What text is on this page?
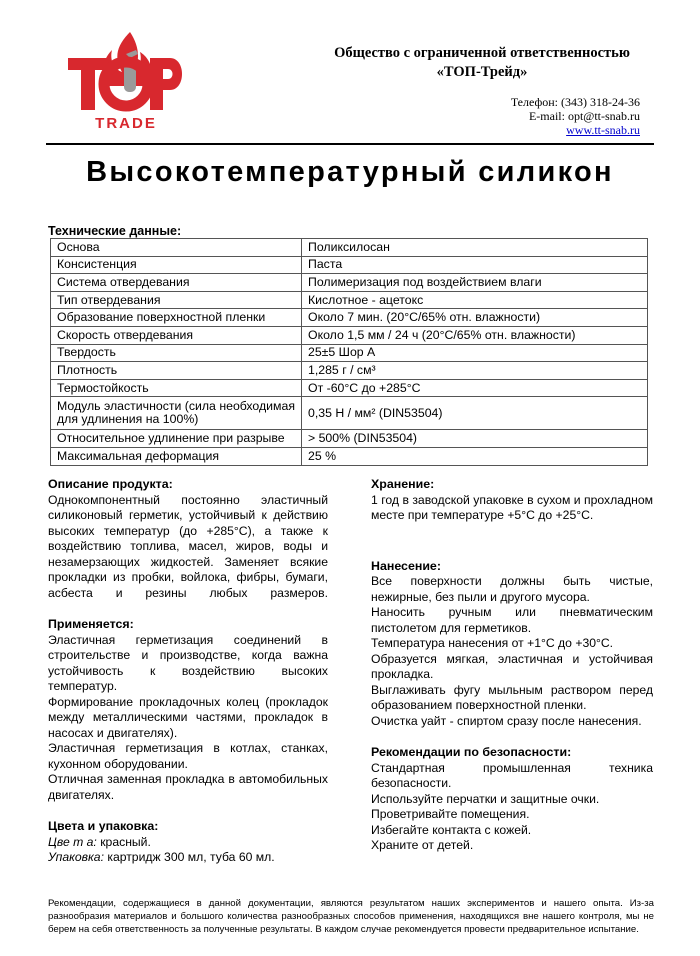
TRADE
Общество с ограниченной ответственностью
«ТОП-Трейд»
Телефон: (343) 318-24-36
E-mail: opt@tt-snab.ru
www.tt-snab.ru
Высокотемпературный силикон
Технические данные:
Основа	Поликсилосан
Консистенция	Паста
Система отвердевания	Полимеризация под воздействием влаги
Тип отвердевания	Кислотное - ацетокс
Образование поверхностной пленки	Около 7 мин. (20°С/65% отн. влажности)
Скорость отвердевания	Около 1,5 мм / 24 ч (20°С/65% отн. влажности)
Твердость	25±5 Шор А
Плотность	1,285 г / см³
Термостойкость	От -60°С до +285°С
Модуль эластичности (сила необходимая для удлинения на 100%)	0,35 Н / мм² (DIN53504)
Относительное удлинение при разрыве	> 500% (DIN53504)
Максимальная деформация	25 %
Описание продукта:
Однокомпонентный постоянно эластичный силиконовый герметик, устойчивый к действию высоких температур (до +285°С), а также к воздействию топлива, масел, жиров, воды и незамерзающих жидкостей. Заменяет всякие прокладки из пробки, войлока, фибры, бумаги, асбеста и резины любых размеров.
Применяется:
Эластичная герметизация соединений в строительстве и производстве, когда важна устойчивость к воздействию высоких температур.
Формирование прокладочных колец (прокладок между металлическими частями, прокладок в насосах и двигателях).
Эластичная герметизация в котлах, станках, кухонном оборудовании.
Отличная заменная прокладка в автомобильных двигателях.
Цвета и упаковка:
Цве т а: красный.
Упаковка: картридж 300 мл, туба 60 мл.
Хранение:
1 год в заводской упаковке в сухом и прохладном месте при температуре +5°С до +25°С.
Нанесение:
Все поверхности должны быть чистые, нежирные, без пыли и другого мусора.
Наносить ручным или пневматическим пистолетом для герметиков.
Температура нанесения от +1°С до +30°С.
Образуется мягкая, эластичная и устойчивая прокладка.
Выглаживать фугу мыльным раствором перед образованием поверхностной пленки.
Очистка уайт - спиртом сразу после нанесения.
Рекомендации по безопасности:
Стандартная промышленная техника безопасности.
Используйте перчатки и защитные очки.
Проветривайте помещения.
Избегайте контакта с кожей.
Храните от детей.
Рекомендации, содержащиеся в данной документации, являются результатом наших экспериментов и нашего опыта. Из-за разнообразия материалов и большого количества разнообразных способов применения, находящихся вне нашего контроля, мы не берем на себя ответственность за полученные результаты. В каждом случае рекомендуется провести предварительное испытание.
